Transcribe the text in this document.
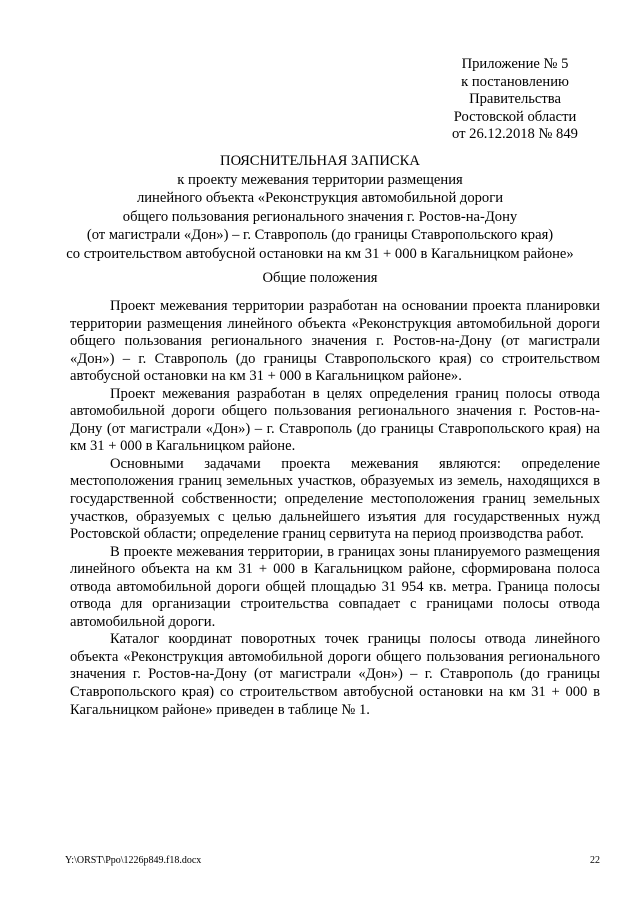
Приложение № 5
к постановлению
Правительства
Ростовской области
от 26.12.2018 № 849
ПОЯСНИТЕЛЬНАЯ ЗАПИСКА
к проекту межевания территории размещения
линейного объекта «Реконструкция автомобильной дороги
общего пользования регионального значения г. Ростов-на-Дону
(от магистрали «Дон») – г. Ставрополь (до границы Ставропольского края)
со строительством автобусной остановки на км 31 + 000 в Кагальницком районе»
Общие положения

Проект межевания территории разработан на основании проекта планировки территории размещения линейного объекта «Реконструкция автомобильной дороги общего пользования регионального значения г. Ростов-на-Дону (от магистрали «Дон») – г. Ставрополь (до границы Ставропольского края) со строительством автобусной остановки на км 31 + 000 в Кагальницком районе».

Проект межевания разработан в целях определения границ полосы отвода автомобильной дороги общего пользования регионального значения г. Ростов-на-Дону (от магистрали «Дон») – г. Ставрополь (до границы Ставропольского края) на км 31 + 000 в Кагальницком районе.

Основными задачами проекта межевания являются: определение местоположения границ земельных участков, образуемых из земель, находящихся в государственной собственности; определение местоположения границ земельных участков, образуемых с целью дальнейшего изъятия для государственных нужд Ростовской области; определение границ сервитута на период производства работ.

В проекте межевания территории, в границах зоны планируемого размещения линейного объекта на км 31 + 000 в Кагальницком районе, сформирована полоса отвода автомобильной дороги общей площадью 31 954 кв. метра. Граница полосы отвода для организации строительства совпадает с границами полосы отвода автомобильной дороги.

Каталог координат поворотных точек границы полосы отвода линейного объекта «Реконструкция автомобильной дороги общего пользования регионального значения г. Ростов-на-Дону (от магистрали «Дон») – г. Ставрополь (до границы Ставропольского края) со строительством автобусной остановки на км 31 + 000 в Кагальницком районе» приведен в таблице № 1.

Y:\ORST\Ppo\1226p849.f18.docx	22
